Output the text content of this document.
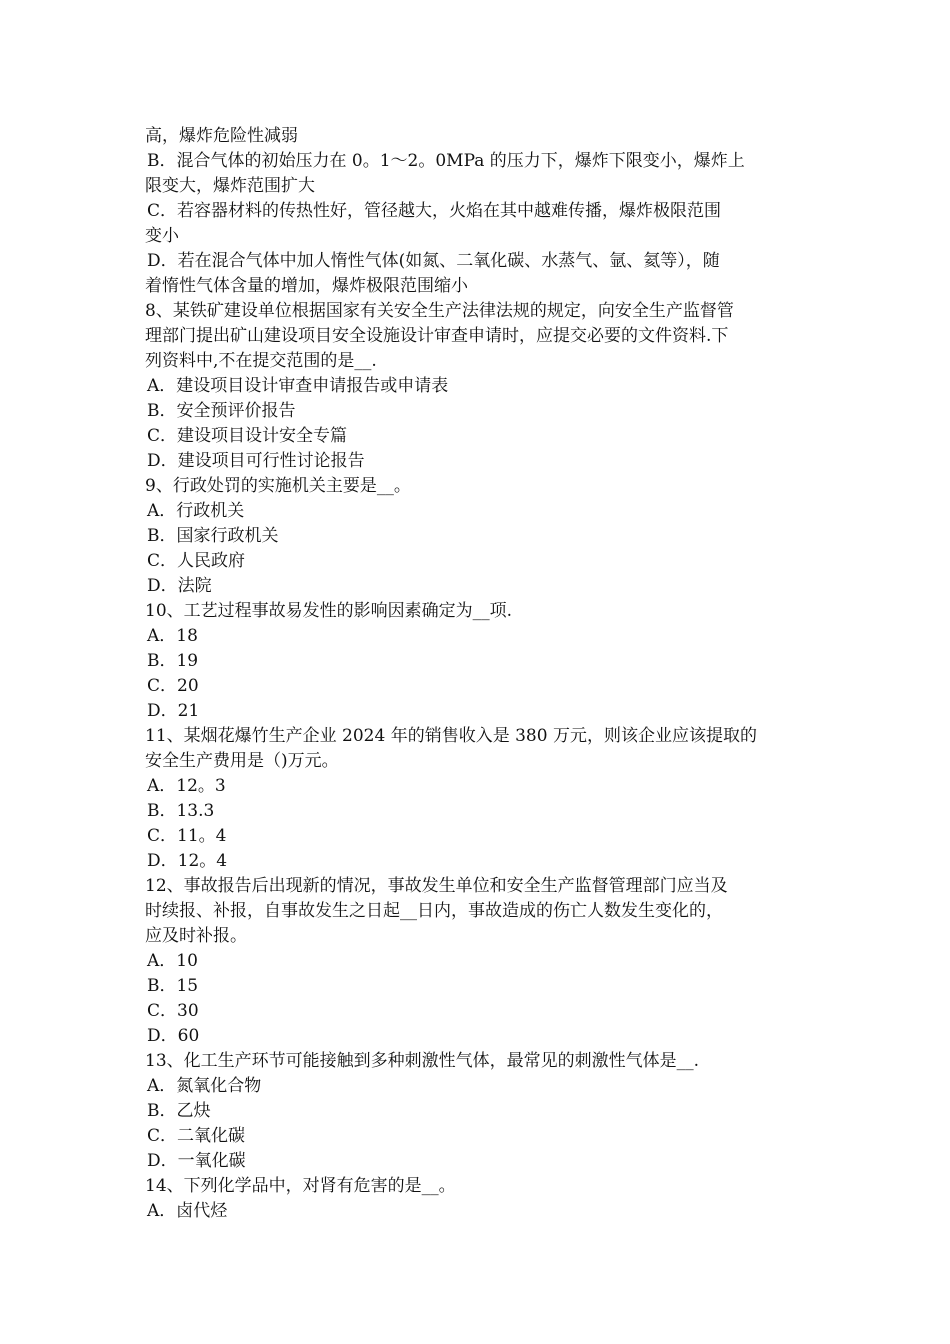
高，爆炸危险性减弱
B．混合气体的初始压力在 0。1～2。0MPa 的压力下，爆炸下限变小，爆炸上
限变大，爆炸范围扩大
C．若容器材料的传热性好，管径越大，火焰在其中越难传播，爆炸极限范围
变小
D．若在混合气体中加人惰性气体(如氮、二氧化碳、水蒸气、氩、氦等），随
着惰性气体含量的增加，爆炸极限范围缩小
8、某铁矿建设单位根据国家有关安全生产法律法规的规定，向安全生产监督管
理部门提出矿山建设项目安全设施设计审查申请时，应提交必要的文件资料.下
列资料中,不在提交范围的是__.
A．建设项目设计审查申请报告或申请表
B．安全预评价报告
C．建设项目设计安全专篇
D．建设项目可行性讨论报告
9、行政处罚的实施机关主要是__。
A．行政机关
B．国家行政机关
C．人民政府
D．法院
10、工艺过程事故易发性的影响因素确定为__项.
A．18
B．19
C．20
D．21
11、某烟花爆竹生产企业 2024 年的销售收入是 380 万元，则该企业应该提取的
安全生产费用是（)万元。
A．12。3
B．13.3
C．11。4
D．12。4
12、事故报告后出现新的情况，事故发生单位和安全生产监督管理部门应当及
时续报、补报，自事故发生之日起__日内，事故造成的伤亡人数发生变化的，
应及时补报。
A．10
B．15
C．30
D．60
13、化工生产环节可能接触到多种刺激性气体，最常见的刺激性气体是__.
A．氮氧化合物
B．乙炔
C．二氧化碳
D．一氧化碳
14、下列化学品中，对肾有危害的是__。
A．卤代烃
